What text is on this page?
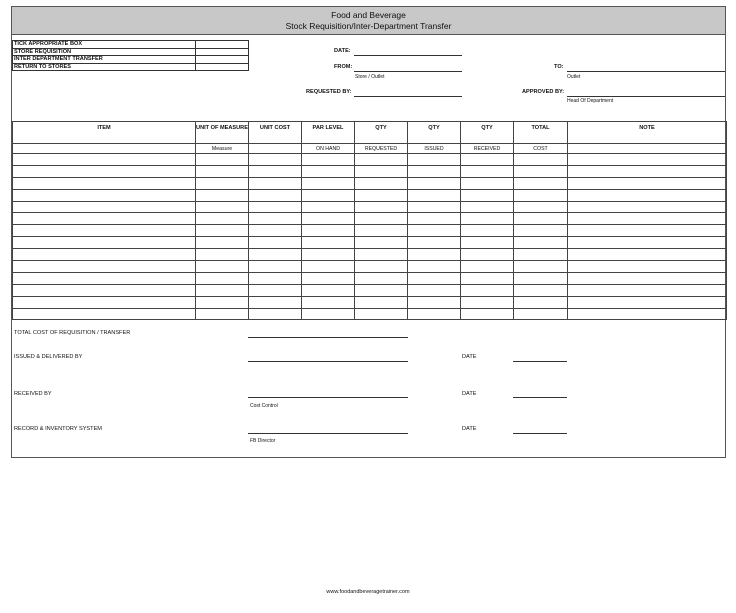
Food and Beverage
Stock Requisition/Inter-Department Transfer
TICK APPROPRIATE BOX	
STORE REQUISITION	
INTER DEPARTMENT TRANSFER	
RETURN TO STORES	
DATE:
FROM:
Store / Outlet
TO:
Outlet
REQUESTED BY:	APPROVED BY:
Head Of Department
ITEM	UNIT OF MEASURE	UNIT COST	PAR LEVEL	QTY	QTY	QTY	TOTAL	NOTE
	Measure		ON HAND	REQUESTED	ISSUED	RECEIVED	COST	

TOTAL COST OF REQUISITION / TRANSFER
ISSUED & DELIVERED BY	DATE
RECEIVED BY
Cost Control
DATE
RECORD & INVENTORY SYSTEM
FB Director
DATE
www.foodandbeveragetrainer.com
